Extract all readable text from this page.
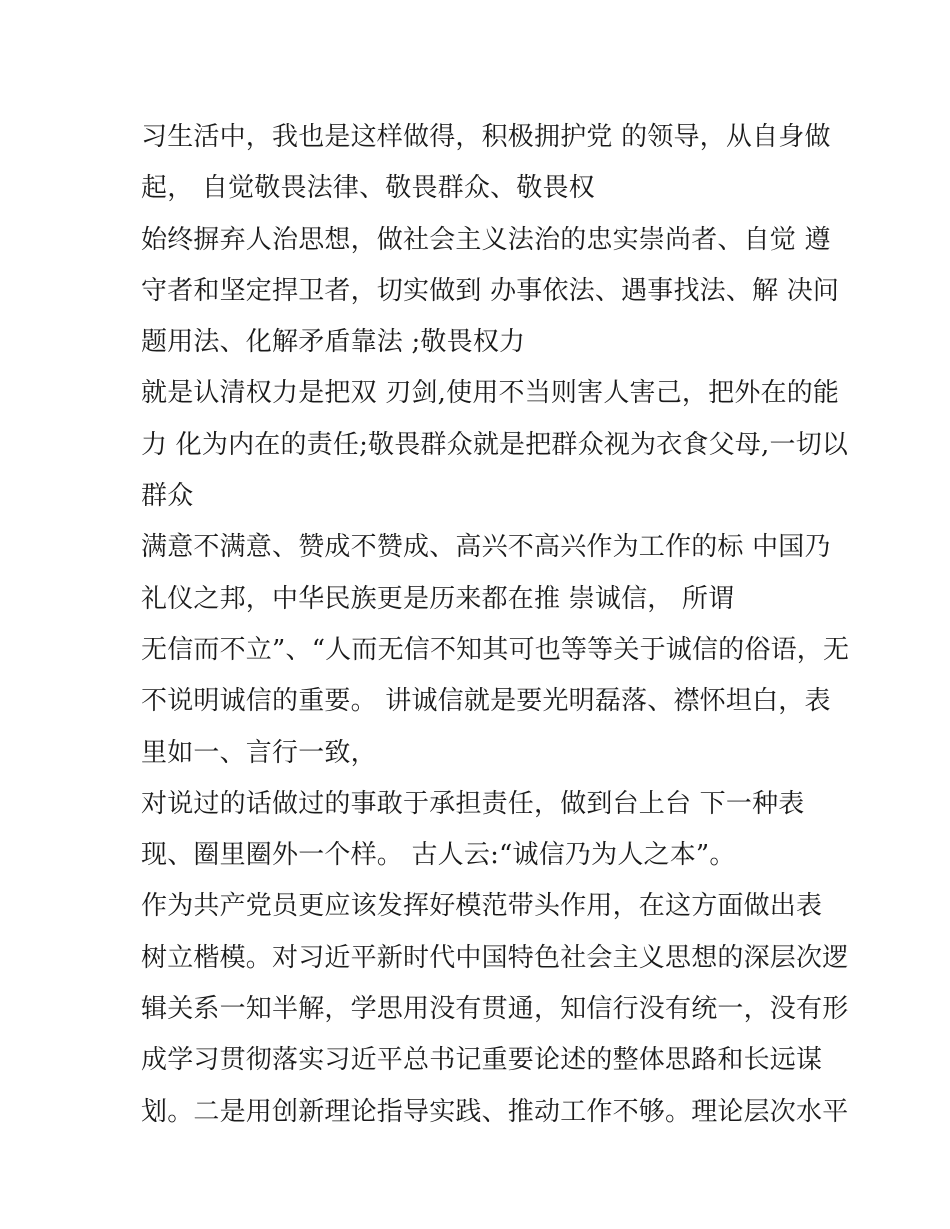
习生活中，我也是这样做得，积极拥护党 的领导，从自身做
起， 自觉敬畏法律、敬畏群众、敬畏权
始终摒弃人治思想，做社会主义法治的忠实崇尚者、自觉 遵
守者和坚定捍卫者，切实做到 办事依法、遇事找法、解 决问
题用法、化解矛盾靠法 ;敬畏权力
就是认清权力是把双 刃剑,使用不当则害人害己，把外在的能
力 化为内在的责任;敬畏群众就是把群众视为衣食父母,一切以
群众
满意不满意、赞成不赞成、高兴不高兴作为工作的标 中国乃
礼仪之邦，中华民族更是历来都在推 崇诚信， 所谓
无信而不立”、“人而无信不知其可也等等关于诚信的俗语，无
不说明诚信的重要。 讲诚信就是要光明磊落、襟怀坦白，表
里如一、言行一致，
对说过的话做过的事敢于承担责任，做到台上台 下一种表
现、圈里圈外一个样。 古人云:“诚信乃为人之本”。
作为共产党员更应该发挥好模范带头作用，在这方面做出表
树立楷模。对习近平新时代中国特色社会主义思想的深层次逻
辑关系一知半解，学思用没有贯通，知信行没有统一，没有形
成学习贯彻落实习近平总书记重要论述的整体思路和长远谋
划。二是用创新理论指导实践、推动工作不够。理论层次水平
